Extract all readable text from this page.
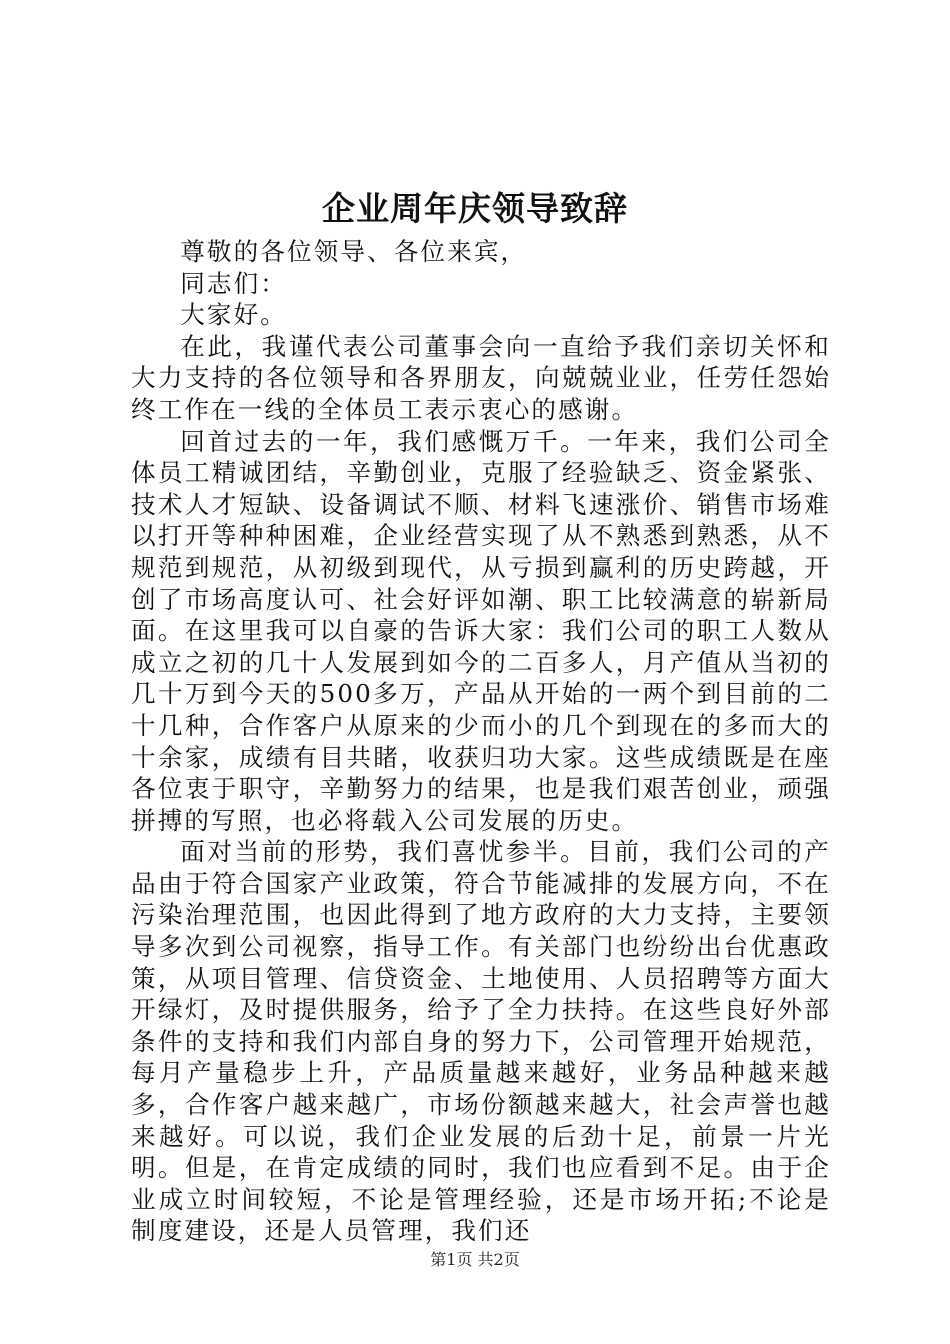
企业周年庆领导致辞

尊敬的各位领导、各位来宾，

同志们：

大家好。

在此，我谨代表公司董事会向一直给予我们亲切关怀和大力支持的各位领导和各界朋友，向兢兢业业，任劳任怨始终工作在一线的全体员工表示衷心的感谢。

回首过去的一年，我们感慨万千。一年来，我们公司全体员工精诚团结，辛勤创业，克服了经验缺乏、资金紧张、技术人才短缺、设备调试不顺、材料飞速涨价、销售市场难以打开等种种困难，企业经营实现了从不熟悉到熟悉，从不规范到规范，从初级到现代，从亏损到赢利的历史跨越，开创了市场高度认可、社会好评如潮、职工比较满意的崭新局面。在这里我可以自豪的告诉大家：我们公司的职工人数从成立之初的几十人发展到如今的二百多人，月产值从当初的几十万到今天的500多万，产品从开始的一两个到目前的二十几种，合作客户从原来的少而小的几个到现在的多而大的十余家，成绩有目共睹，收获归功大家。这些成绩既是在座各位衷于职守，辛勤努力的结果，也是我们艰苦创业，顽强拼搏的写照，也必将载入公司发展的历史。

面对当前的形势，我们喜忧参半。目前，我们公司的产品由于符合国家产业政策，符合节能减排的发展方向，不在污染治理范围，也因此得到了地方政府的大力支持，主要领导多次到公司视察，指导工作。有关部门也纷纷出台优惠政策，从项目管理、信贷资金、土地使用、人员招聘等方面大开绿灯，及时提供服务，给予了全力扶持。在这些良好外部条件的支持和我们内部自身的努力下，公司管理开始规范，每月产量稳步上升，产品质量越来越好，业务品种越来越多，合作客户越来越广，市场份额越来越大，社会声誉也越来越好。可以说，我们企业发展的后劲十足，前景一片光明。但是，在肯定成绩的同时，我们也应看到不足。由于企业成立时间较短，不论是管理经验，还是市场开拓;不论是制度建设，还是人员管理，我们还

第1页 共2页
